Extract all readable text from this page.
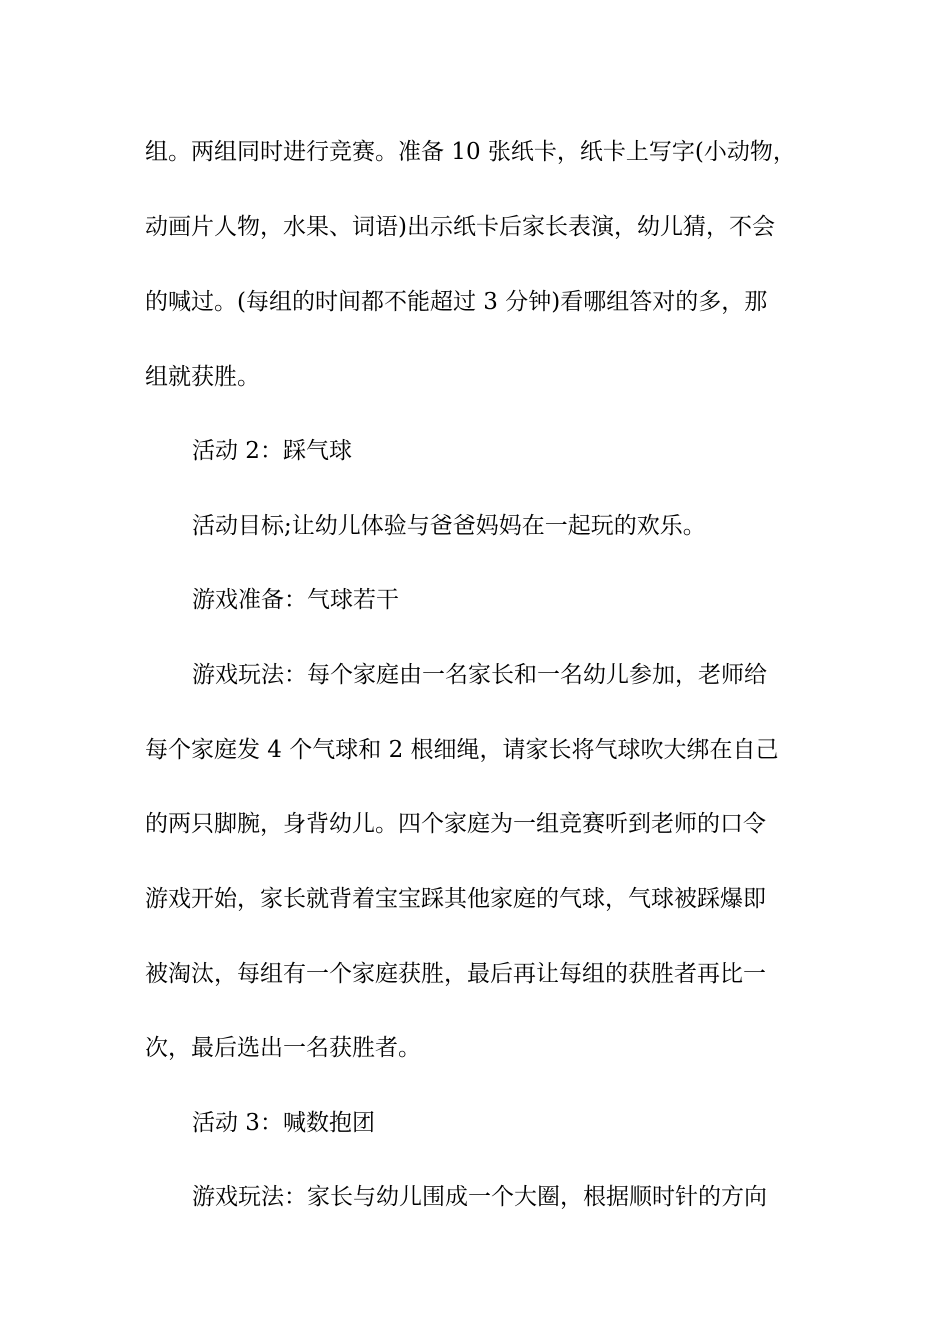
组。两组同时进行竞赛。准备 10 张纸卡，纸卡上写字(小动物，
动画片人物，水果、词语)出示纸卡后家长表演，幼儿猜，不会
的喊过。(每组的时间都不能超过 3 分钟)看哪组答对的多，那
组就获胜。
活动 2：踩气球
活动目标;让幼儿体验与爸爸妈妈在一起玩的欢乐。
游戏准备：气球若干
游戏玩法：每个家庭由一名家长和一名幼儿参加，老师给
每个家庭发 4 个气球和 2 根细绳，请家长将气球吹大绑在自己
的两只脚腕，身背幼儿。四个家庭为一组竞赛听到老师的口令
游戏开始，家长就背着宝宝踩其他家庭的气球，气球被踩爆即
被淘汰，每组有一个家庭获胜，最后再让每组的获胜者再比一
次，最后选出一名获胜者。
活动 3：喊数抱团
游戏玩法：家长与幼儿围成一个大圈，根据顺时针的方向
